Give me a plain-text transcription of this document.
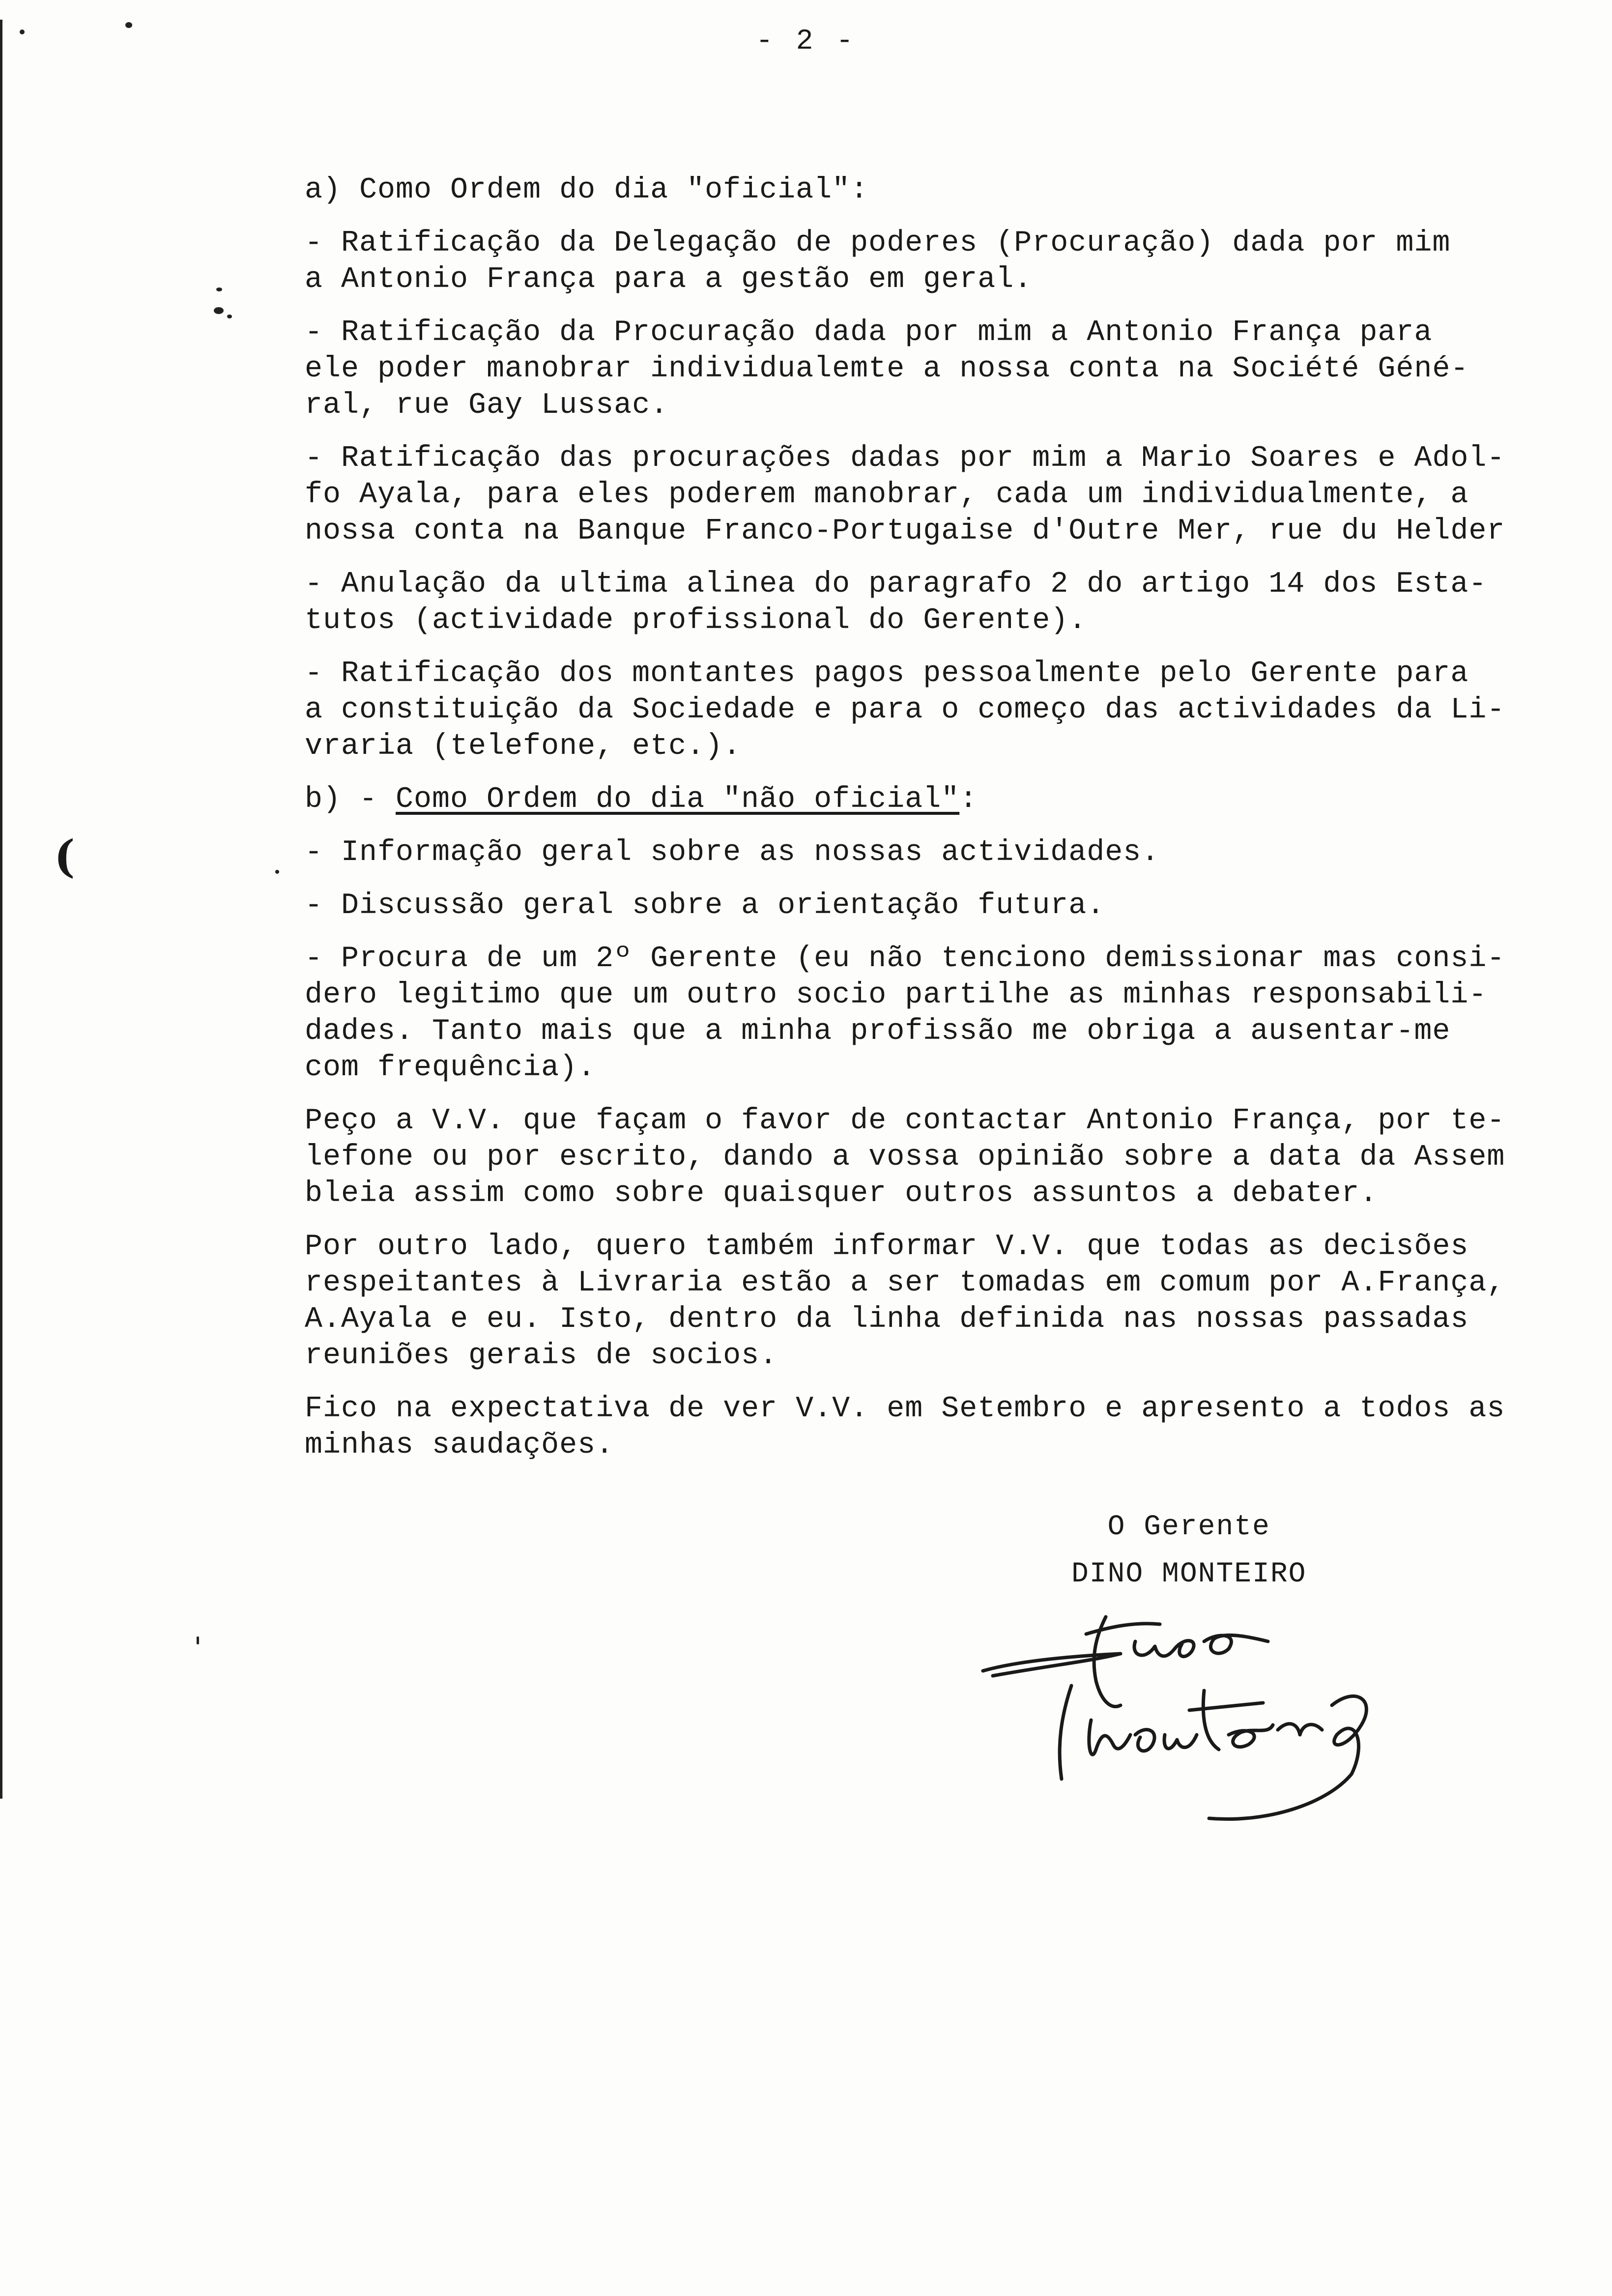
(
- 2 -

a) Como Ordem do dia "oficial":

- Ratificação da Delegação de poderes (Procuração) dada por mim
a Antonio França para a gestão em geral.

- Ratificação da Procuração dada por mim a Antonio França para
ele poder manobrar individualemte a nossa conta na Société Géné-
ral, rue Gay Lussac.

- Ratificação das procurações dadas por mim a Mario Soares e Adol-
fo Ayala, para eles poderem manobrar, cada um individualmente, a
nossa conta na Banque Franco-Portugaise d'Outre Mer, rue du Helder

- Anulação da ultima alinea do paragrafo 2 do artigo 14 dos Esta-
tutos (actividade profissional do Gerente).

- Ratificação dos montantes pagos pessoalmente pelo Gerente para
a constituição da Sociedade e para o começo das actividades da Li-
vraria (telefone, etc.).

b) - Como Ordem do dia "não oficial":

- Informação geral sobre as nossas actividades.

- Discussão geral sobre a orientação futura.

- Procura de um 2º Gerente (eu não tenciono demissionar mas consi-
dero legitimo que um outro socio partilhe as minhas responsabili-
dades. Tanto mais que a minha profissão me obriga a ausentar-me
com frequência).

Peço a V.V. que façam o favor de contactar Antonio França, por te-
lefone ou por escrito, dando a vossa opinião sobre a data da Assem
bleia assim como sobre quaisquer outros assuntos a debater.

Por outro lado, quero também informar V.V. que todas as decisões
respeitantes à Livraria estão a ser tomadas em comum por A.França,
A.Ayala e eu. Isto, dentro da linha definida nas nossas passadas
reuniões gerais de socios.

Fico na expectativa de ver V.V. em Setembro e apresento a todos as
minhas saudações.

O Gerente
DINO MONTEIRO
